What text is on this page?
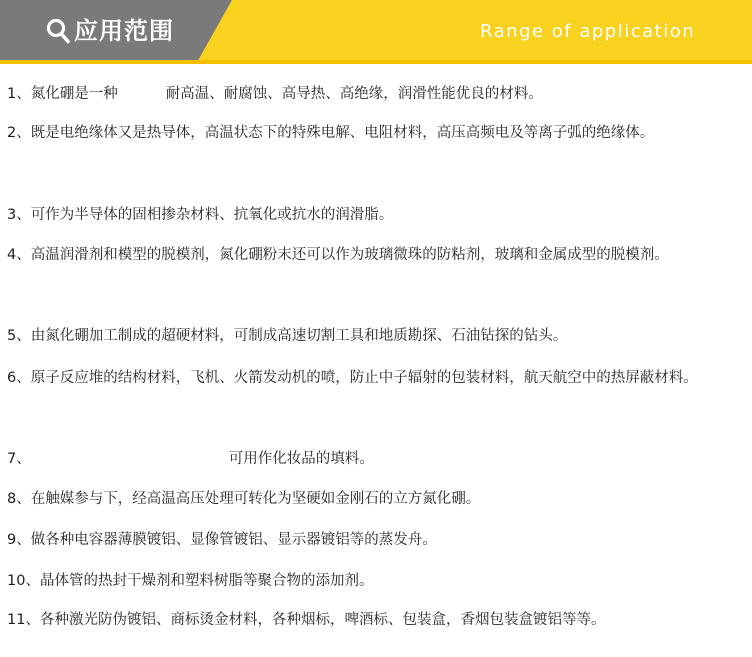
应用范围	Range of application
1、氮化硼是一种	耐高温、耐腐蚀、高导热、高绝缘，润滑性能优良的材料。
2、既是电绝缘体又是热导体，高温状态下的特殊电解、电阻材料，高压高频电及等离子弧的绝缘体。
3、可作为半导体的固相掺杂材料、抗氧化或抗水的润滑脂。
4、高温润滑剂和模型的脱模剂，氮化硼粉末还可以作为玻璃微珠的防粘剂，玻璃和金属成型的脱模剂。
5、由氮化硼加工制成的超硬材料，可制成高速切割工具和地质勘探、石油钻探的钻头。
6、原子反应堆的结构材料，飞机、火箭发动机的喷，防止中子辐射的包装材料，航天航空中的热屏蔽材料。
7、	可用作化妆品的填料。
8、在触媒参与下，经高温高压处理可转化为坚硬如金刚石的立方氮化硼。
9、做各种电容器薄膜镀铝、显像管镀铝、显示器镀铝等的蒸发舟。
10、晶体管的热封干燥剂和塑料树脂等聚合物的添加剂。
11、各种激光防伪镀铝、商标烫金材料，各种烟标，啤酒标、包装盒，香烟包装盒镀铝等等。
